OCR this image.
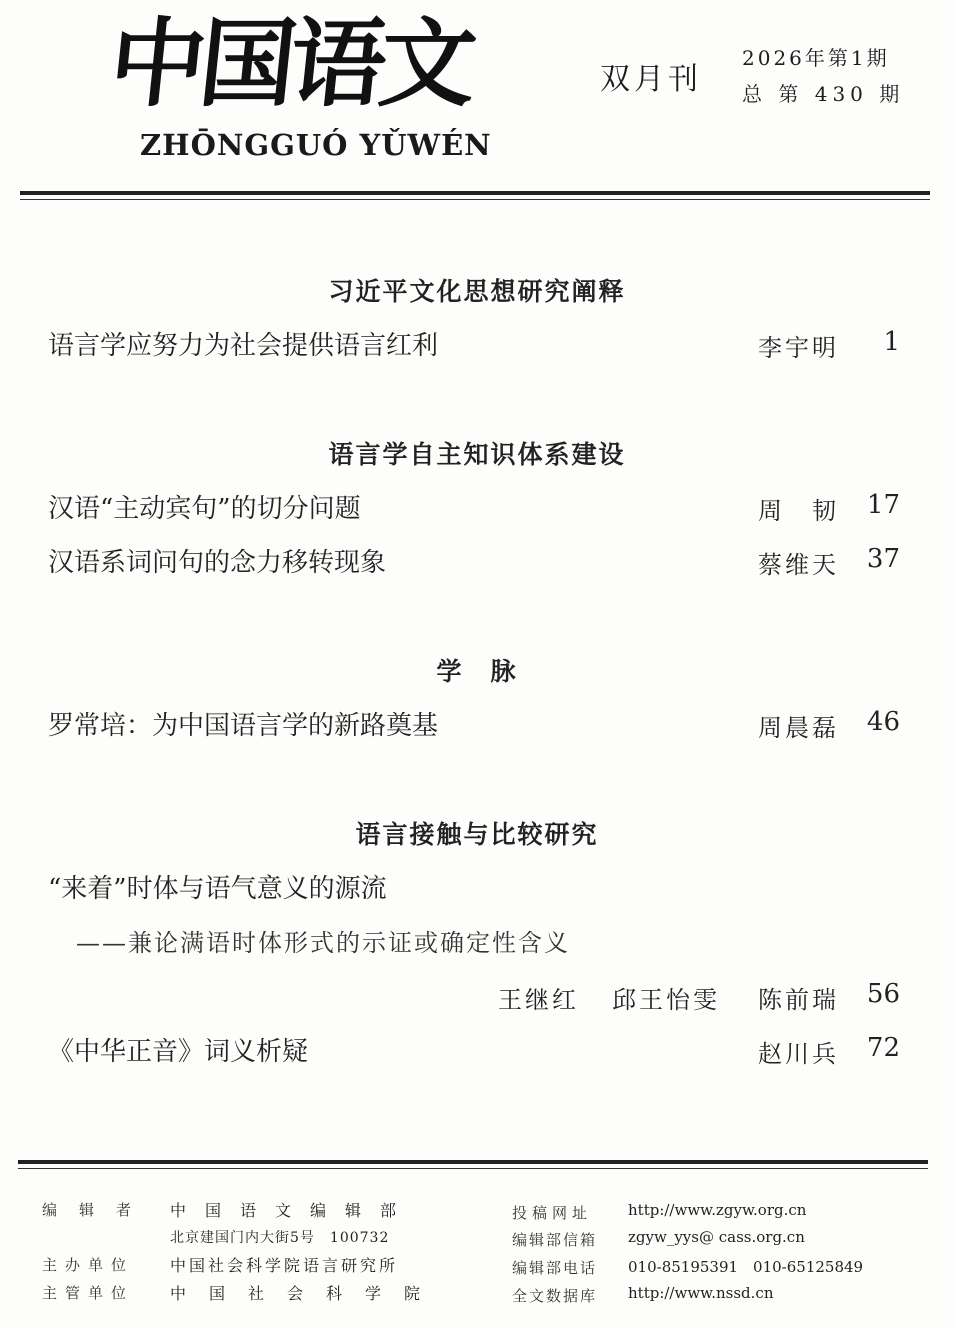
中国语文
ZHŌNGGUÓ YǓWÉN
双月刊
2026年第1期
总 第 430 期
习近平文化思想研究阐释
语言学应努力为社会提供语言红利	李宇明 1
语言学自主知识体系建设
汉语“主动宾句”的切分问题	周　韧 17
汉语系词问句的念力移转现象	蔡维天 37
学　脉
罗常培：为中国语言学的新路奠基	周晨磊 46
语言接触与比较研究
“来着”时体与语气意义的源流
——兼论满语时体形式的示证或确定性含义
王继红 邱王怡雯 陈前瑞 56
《中华正音》词义析疑	赵川兵 72
编辑者 中国语文编辑部
北京建国门内大街5号　100732
主办单位 中国社会科学院语言研究所
主管单位 中国社会科学院
投稿网址 http://www.zgyw.org.cn
编辑部信箱 zgyw_yys@ cass.org.cn
编辑部电话 010-85195391　010-65125849
全文数据库 http://www.nssd.cn
